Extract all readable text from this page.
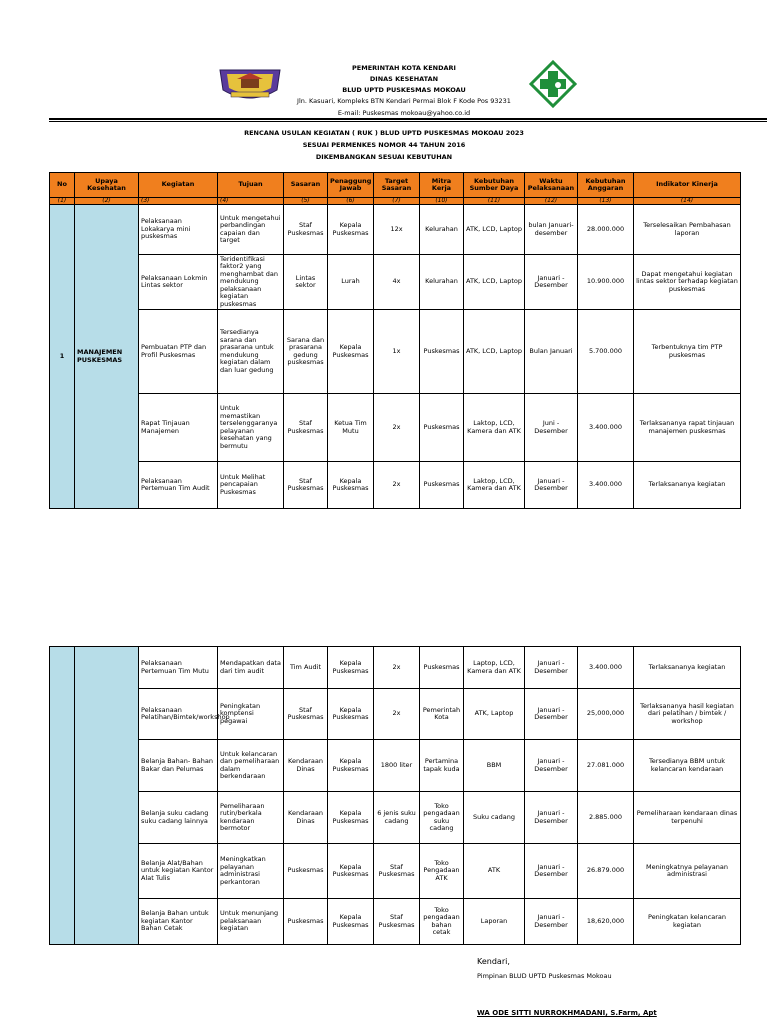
PEMERINTAH KOTA KENDARI
DINAS KESEHATAN
BLUD UPTD PUSKESMAS MOKOAU
Jln. Kasuari, Kompleks BTN Kendari Permai Blok F Kode Pos 93231
E-mail: Puskesmas mokoau@yahoo.co.id
RENCANA USULAN KEGIATAN ( RUK ) BLUD UPTD PUSKESMAS MOKOAU 2023
SESUAI PERMENKES NOMOR 44 TAHUN 2016
DIKEMBANGKAN SESUAI KEBUTUHAN
No	Upaya Kesehatan	Kegiatan	Tujuan	Sasaran	Penaggung Jawab	Target Sasaran	Mitra Kerja	Kebutuhan Sumber Daya	Waktu Pelaksanaan	Kebutuhan Anggaran	Indikator Kinerja
(1)	(2)	(3)	(4)	(5)	(6)	(7)	(10)	(11)	(12)	(13)	(14)
1	MANAJEMEN PUSKESMAS	Pelaksanaan Lokakarya mini puskesmas	Untuk mengetahui perbandingan capaian dan target	Staf Puskesmas	Kepala Puskesmas	12x	Kelurahan	ATK, LCD, Laptop	bulan Januari-desember	28.000.000	Terselesaikan Pembahasan laporan
		Pelaksanaan Lokmin Lintas sektor	Teridentifikasi faktor2 yang menghambat dan mendukung pelaksanaan kegiatan puskesmas	Lintas sektor	Lurah	4x	Kelurahan	ATK, LCD, Laptop	Januari - Desember	10.900.000	Dapat mengetahui kegiatan lintas sektor terhadap kegiatan puskesmas
		Pembuatan PTP dan Profil Puskesmas	Tersedianya sarana dan prasarana untuk mendukung kegiatan dalam dan luar gedung	Sarana dan prasarana gedung puskesmas	Kepala Puskesmas	1x	Puskesmas	ATK, LCD, Laptop	Bulan Januari	5.700.000	Terbentuknya tim PTP puskesmas
		Rapat Tinjauan Manajemen	Untuk memastikan terselenggaranya pelayanan kesehatan yang bermutu	Staf Puskesmas	Ketua Tim Mutu	2x	Puskesmas	Laktop, LCD, Kamera dan ATK	Juni - Desember	3.400.000	Terlaksananya rapat tinjauan manajemen puskesmas
		Pelaksanaan Pertemuan Tim Audit	Untuk Melihat pencapaian Puskesmas	Staf Puskesmas	Kepala Puskesmas	2x	Puskesmas	Laktop, LCD, Kamera dan ATK	Januari - Desember	3.400.000	Terlaksananya kegiatan
		Pelaksanaan Pertemuan Tim Mutu	Mendapatkan data dari tim audit	Tim Audit	Kepala Puskesmas	2x	Puskesmas	Laptop, LCD, Kamera dan ATK	Januari - Desember	3.400.000	Terlaksananya kegiatan
		Pelaksanaan Pelatihan/Bimtek/workshop	Peningkatan komptensi pegawai	Staf Puskesmas	Kepala Puskesmas	2x	Pemerintah Kota	ATK, Laptop	Januari - Desember	25,000,000	Terlaksananya hasil kegiatan dari pelatihan / bimtek / workshop
		Belanja Bahan- Bahan Bakar dan Pelumas	Untuk kelancaran dan pemeliharaan dalam berkendaraan	Kendaraan Dinas	Kepala Puskesmas	1800 liter	Pertamina tapak kuda	BBM	Januari - Desember	27.081.000	Tersedianya BBM untuk kelancaran kendaraan
		Belanja suku cadang suku cadang lainnya	Pemeliharaan rutin/berkala kendaraan bermotor	Kendaraan Dinas	Kepala Puskesmas	6 jenis suku cadang	Toko pengadaan suku cadang	Suku cadang	Januari - Desember	2.885.000	Pemeliharaan kendaraan dinas terpenuhi
		Belanja Alat/Bahan untuk kegiatan Kantor Alat Tulis	Meningkatkan pelayanan administrasi perkantoran	Puskesmas	Kepala Puskesmas	Staf Puskesmas	Toko Pengadaan ATK	ATK	Januari - Desember	26.879.000	Meningkatnya pelayanan administrasi
		Belanja Bahan untuk kegiatan Kantor Bahan Cetak	Untuk menunjang pelaksanaan kegiatan	Puskesmas	Kepala Puskesmas	Staf Puskesmas	Toko pengadaan bahan cetak	Laporan	Januari - Desember	18,620,000	Peningkatan kelancaran kegiatan
Kendari,
Pimpinan BLUD UPTD Puskesmas Mokoau
WA ODE SITTI NURROKHMADANI, S.Farm, Apt
